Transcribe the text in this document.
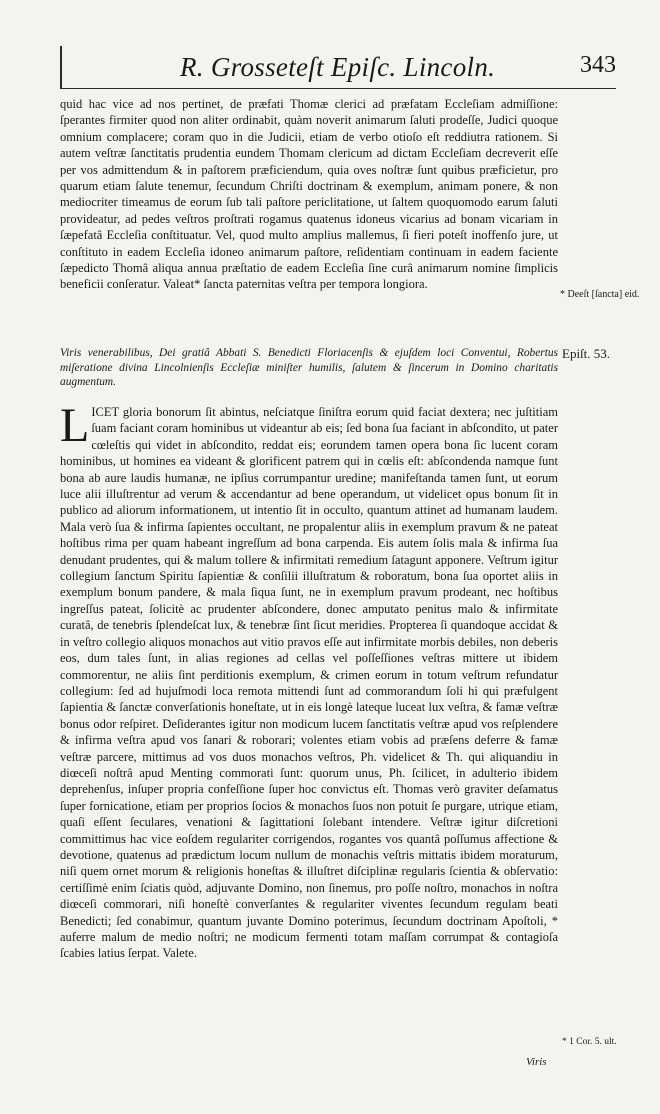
R. Grosseteſt Epiſc. Lincoln.	343

quid hac vice ad nos pertinet, de præfati Thomæ clerici ad præfatam Eccleſiam admiſſione: ſperantes firmiter quod non aliter ordinabit, quàm noverit animarum ſaluti prodeſſe, Judici quoque omnium complacere; coram quo in die Judicii, etiam de verbo otioſo eſt reddiutra rationem. Si autem veſtræ ſanctitatis prudentia eundem Thomam clericum ad dictam Eccleſiam decreverit eſſe per vos admittendum & in paſtorem præficiendum, quia oves noſtræ ſunt quibus præficietur, pro quarum etiam ſalute tenemur, ſecundum Chriſti doctrinam & exemplum, animam ponere, & non mediocriter timeamus de eorum ſub tali paſtore periclitatione, ut ſaltem quoquomodo earum ſaluti provideatur, ad pedes veſtros proſtrati rogamus quatenus idoneus vicarius ad bonam vicariam in ſæpefatâ Eccleſia conſtituatur. Vel, quod multo amplius mallemus, ſi fieri poteſt inoffenſo jure, ut conſtituto in eadem Eccleſia idoneo animarum paſtore, reſidentiam continuam in eadem faciente ſæpedicto Thomâ aliqua annua præſtatio de eadem Eccleſia ſine curâ animarum nomine ſimplicis beneficii conſeratur. Valeat* ſancta paternitas veſtra per tempora longiora.

* Deeſt [ſancta] eid.

Viris venerabilibus, Dei gratiâ Abbati S. Benedicti Floriacenſis & ejuſdem loci Conventui, Robertus miſeratione divina Lincolnienſis Eccleſiæ miniſter humilis, ſalutem & ſincerum in Domino charitatis augmentum.

Epiſt. 53.
L ICET gloria bonorum ſit abintus, neſciatque ſiniſtra eorum quid faciat dextera; nec juſtitiam ſuam faciant coram hominibus ut videantur ab eis; ſed bona ſua faciant in abſcondito, ut pater cœleſtis qui videt in abſcondito, reddat eis; eorundem tamen opera bona ſic lucent coram hominibus, ut homines ea videant & glorificent patrem qui in cœlis eſt: abſcondenda namque ſunt bona ab aure laudis humanæ, ne ipſius corrumpantur uredine; manifeſtanda tamen ſunt, ut eorum luce alii illuſtrentur ad verum & accendantur ad bene operandum, ut videlicet opus bonum ſit in publico ad aliorum informationem, ut intentio ſit in occulto, quantum attinet ad humanam laudem. Mala verò ſua & infirma ſapientes occultant, ne propalentur aliis in exemplum pravum & ne pateat hoſtibus rima per quam habeant ingreſſum ad bona carpenda. Eis autem ſolis mala & infirma ſua denudant prudentes, qui & malum tollere & infirmitati remedium ſatagunt apponere. Veſtrum igitur collegium ſanctum Spiritu ſapientiæ & conſilii illuſtratum & roboratum, bona ſua oportet aliis in exemplum bonum pandere, & mala ſiqua ſunt, ne in exemplum pravum prodeant, nec hoſtibus ingreſſus pateat, ſolicitè ac prudenter abſcondere, donec amputato penitus malo & infirmitate curatâ, de tenebris ſplendeſcat lux, & tenebræ ſint ſicut meridies. Propterea ſi quandoque accidat & in veſtro collegio aliquos monachos aut vitio pravos eſſe aut infirmitate morbis debiles, non deberis eos, dum tales ſunt, in alias regiones ad cellas vel poſſeſſiones veſtras mittere ut ibidem commorentur, ne aliis ſint perditionis exemplum, & crimen eorum in totum veſtrum refundatur collegium: ſed ad hujuſmodi loca remota mittendi ſunt ad commorandum ſoli hi qui præfulgent ſapientia & ſanctæ converſationis honeſtate, ut in eis longè lateque luceat lux veſtra, & famæ veſtræ bonus odor reſpiret. Deſiderantes igitur non modicum lucem ſanctitatis veſtræ apud vos reſplendere & infirma veſtra apud vos ſanari & roborari; volentes etiam vobis ad præſens deferre & famæ veſtræ parcere, mittimus ad vos duos monachos veſtros, Ph. videlicet & Th. qui aliquandiu in diœceſi noſtrâ apud Menting commorati ſunt: quorum unus, Ph. ſcilicet, in adulterio ibidem deprehenſus, inſuper propria confeſſione ſuper hoc convictus eſt. Thomas verò graviter deſamatus ſuper fornicatione, etiam per proprios ſocios & monachos ſuos non potuit ſe purgare, utrique etiam, quaſi eſſent ſeculares, venationi & ſagittationi ſolebant intendere. Veſtræ igitur diſcretioni committimus hac vice eoſdem regulariter corrigendos, rogantes vos quantâ poſſumus affectione & devotione, quatenus ad prædictum locum nullum de monachis veſtris mittatis ibidem moraturum, niſi quem ornet morum & religionis honeſtas & illuſtret diſciplinæ regularis ſcientia & obſervatio: certiſſimè enim ſciatis quòd, adjuvante Domino, non ſinemus, pro poſſe noſtro, monachos in noſtra diœceſi commorari, niſi honeſtè converſantes & regulariter viventes ſecundum regulam beati Benedicti; ſed conabimur, quantum juvante Domino poterimus, ſecundum doctrinam Apoſtoli, * auferre malum de medio noſtri; ne modicum fermenti totam maſſam corrumpat & contagioſa ſcabies latius ſerpat. Valete.

* 1 Cor. 5. ult.
Viris
